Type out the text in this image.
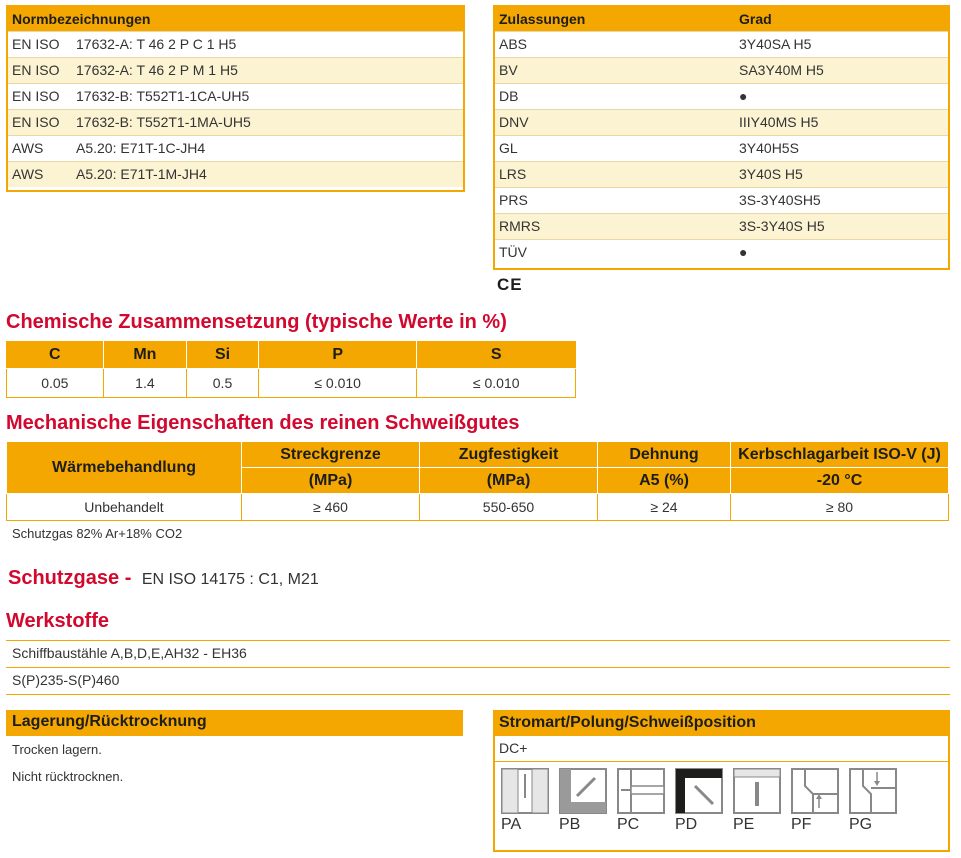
Normbezeichnungen	
EN ISO	17632-A: T 46 2 P C 1 H5
EN ISO	17632-A: T 46 2 P M 1 H5
EN ISO	17632-B: T552T1-1CA-UH5
EN ISO	17632-B: T552T1-1MA-UH5
AWS	A5.20: E71T-1C-JH4
AWS	A5.20: E71T-1M-JH4
Zulassungen	Grad
ABS	3Y40SA H5
BV	SA3Y40M H5
DB	●
DNV	IIIY40MS H5
GL	3Y40H5S
LRS	3Y40S H5
PRS	3S-3Y40SH5
RMRS	3S-3Y40S H5
TÜV	●
CE
Chemische Zusammensetzung (typische Werte in %)
C	Mn	Si	P	S
0.05	1.4	0.5	≤ 0.010	≤ 0.010
Mechanische Eigenschaften des reinen Schweißgutes
Wärmebehandlung	Streckgrenze	Zugfestigkeit	Dehnung	Kerbschlagarbeit ISO-V (J)
	(MPa)	(MPa)	A5 (%)	-20 °C
Unbehandelt	≥ 460	550-650	≥ 24	≥ 80
Schutzgas 82% Ar+18% CO2
Schutzgase - EN ISO 14175 : C1, M21
Werkstoffe
Schiffbaustähle A,B,D,E,AH32 - EH36
S(P)235-S(P)460
Lagerung/Rücktrocknung
Trocken lagern.
Nicht rücktrocknen.
Stromart/Polung/Schweißposition
DC+
PA	PB	PC	PD	PE	PF	PG
